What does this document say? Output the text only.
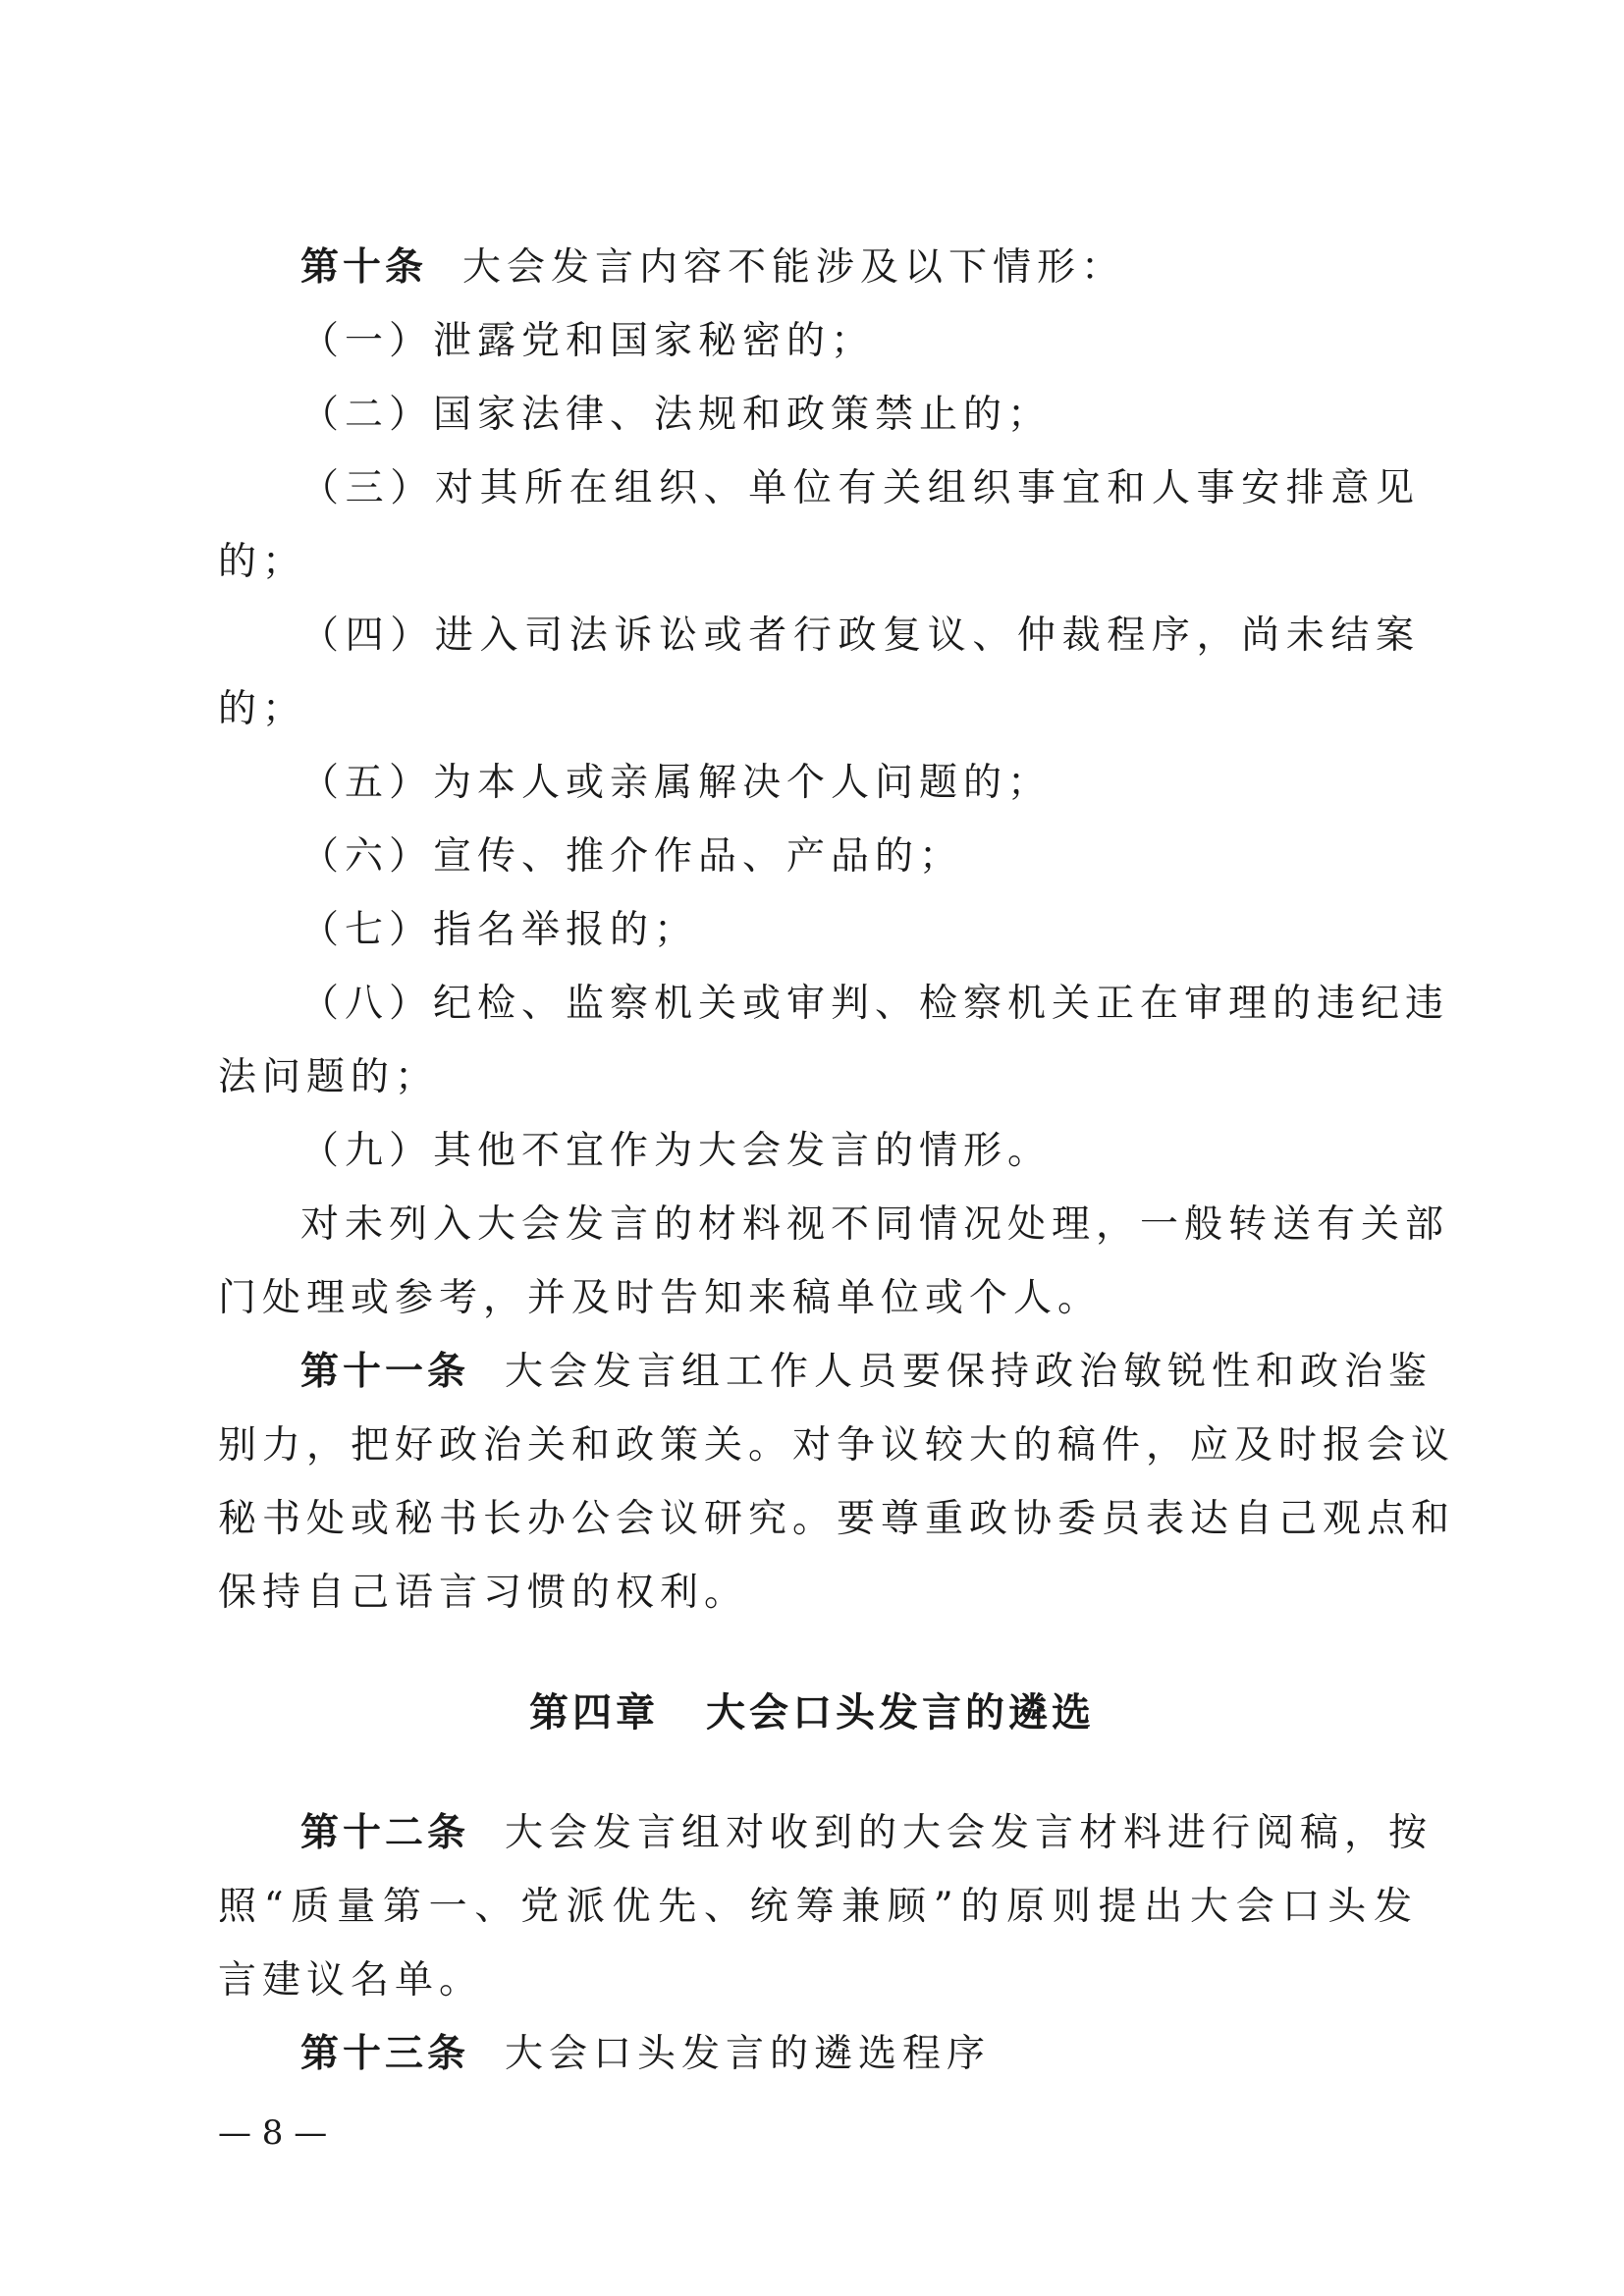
第十条 大会发言内容不能涉及以下情形：
（一）泄露党和国家秘密的；
（二）国家法律、法规和政策禁止的；
（三）对其所在组织、单位有关组织事宜和人事安排意见
的；
（四）进入司法诉讼或者行政复议、仲裁程序，尚未结案
的；
（五）为本人或亲属解决个人问题的；
（六）宣传、推介作品、产品的；
（七）指名举报的；
（八）纪检、监察机关或审判、检察机关正在审理的违纪违
法问题的；
（九）其他不宜作为大会发言的情形。
对未列入大会发言的材料视不同情况处理，一般转送有关部
门处理或参考，并及时告知来稿单位或个人。
第十一条 大会发言组工作人员要保持政治敏锐性和政治鉴
别力，把好政治关和政策关。对争议较大的稿件，应及时报会议
秘书处或秘书长办公会议研究。要尊重政协委员表达自己观点和
保持自己语言习惯的权利。
第四章 大会口头发言的遴选
第十二条 大会发言组对收到的大会发言材料进行阅稿，按
照“质量第一、党派优先、统筹兼顾”的原则提出大会口头发
言建议名单。
第十三条 大会口头发言的遴选程序
— 8 —
